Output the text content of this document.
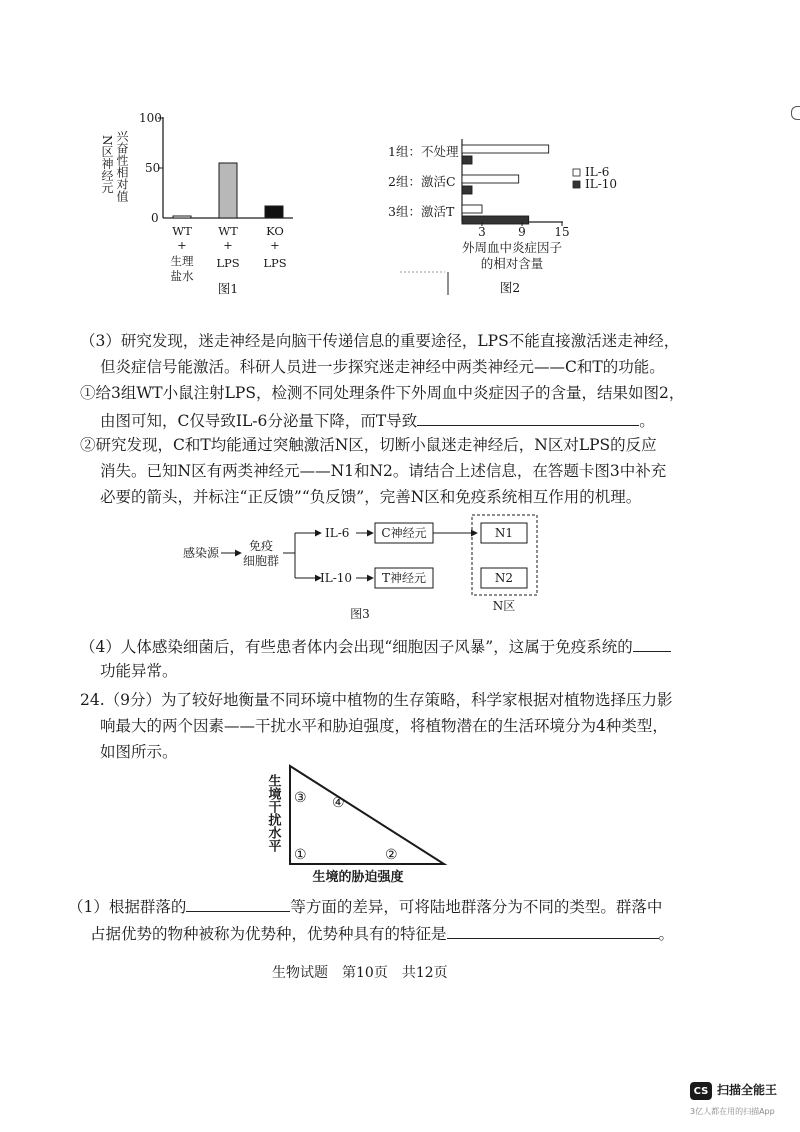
N区神经元 兴奋性相对值
100
50
0
WT
+
生理
盐水
WT
+
LPS
KO
+
LPS
图1
1组：不处理
2组：激活C
3组：激活T
3	9 15
外周血中炎症因子
的相对含量
IL-6
IL-10
图2
（3）研究发现，迷走神经是向脑干传递信息的重要途径，LPS不能直接激活迷走神经，
但炎症信号能激活。科研人员进一步探究迷走神经中两类神经元——C和T的功能。
①给3组WT小鼠注射LPS，检测不同处理条件下外周血中炎症因子的含量，结果如图2，
由图可知，C仅导致IL-6分泌量下降，而T导致	。
②研究发现，C和T均能通过突触激活N区，切断小鼠迷走神经后，N区对LPS的反应
消失。已知N区有两类神经元——N1和N2。请结合上述信息，在答题卡图3中补充
必要的箭头，并标注“正反馈”“负反馈”，完善N区和免疫系统相互作用的机理。
感染源 免疫
细胞群
IL-6
IL-10
C神经元
T神经元
N1
N2
N区
图3
（4）人体感染细菌后，有些患者体内会出现“细胞因子风暴”，这属于免疫系统的
功能异常。
24.（9分）为了较好地衡量不同环境中植物的生存策略，科学家根据对植物选择压力影
响最大的两个因素——干扰水平和胁迫强度，将植物潜在的生活环境分为4种类型，
如图所示。
生境干扰水平 ③ ④
①	②
生境的胁迫强度
（1）根据群落的	等方面的差异，可将陆地群落分为不同的类型。群落中
占据优势的物种被称为优势种，优势种具有的特征是	。
生物试题　第10页　共12页
CS 扫描全能王
3亿人都在用的扫描App
